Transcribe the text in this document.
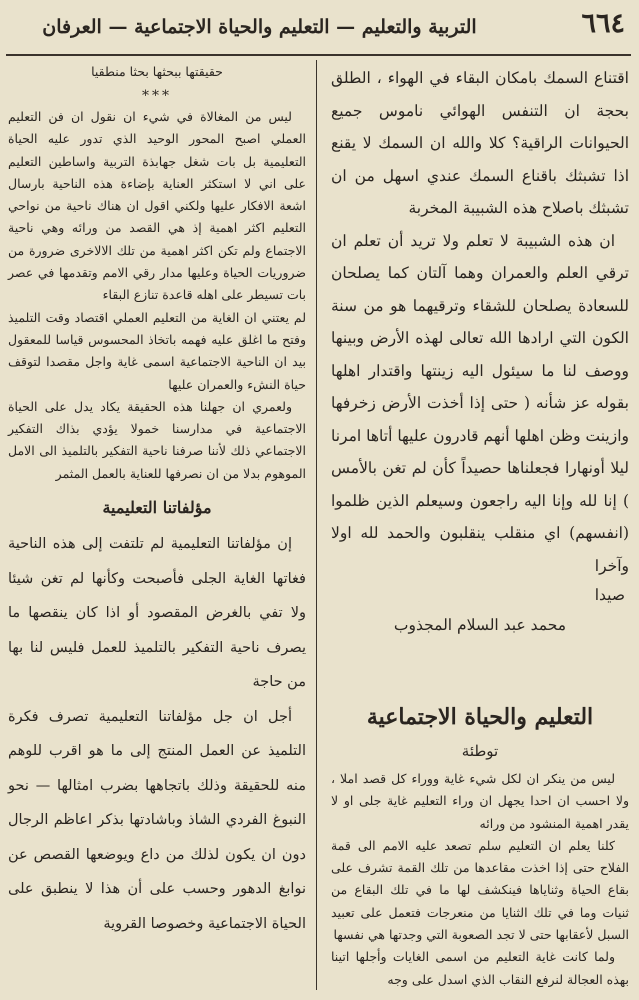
٦٦٤
التربية والتعليم — التعليم والحياة الاجتماعية — العرفان

اقتناع السمك بامكان البقاء في الهواء ، الطلق بحجة ان التنفس الهوائي ناموس جميع الحيوانات الراقية؟ كلا والله ان السمك لا يقنع اذا تشبثك باقناع السمك عندي اسهل من ان تشبثك باصلاح هذه الشبيبة المخربة

ان هذه الشبيبة لا تعلم ولا تريد أن تعلم ان ترقي العلم والعمران وهما آلتان كما يصلحان للسعادة يصلحان للشقاء وترقيهما هو من سنة الكون التي ارادها الله تعالى لهذه الأرض وبينها ووصف لنا ما سيئول اليه زينتها واقتدار اهلها بقوله عز شأنه ( حتى إذا أخذت الأرض زخرفها وازينت وظن اهلها أنهم قادرون عليها أتاها امرنا ليلا أونهارا فجعلناها حصيداً كأن لم تغن بالأمس ) إنا لله وإنا اليه راجعون وسيعلم الذين ظلموا (انفسهم) اي منقلب ينقلبون والحمد لله اولا وآخرا

صيدا
محمد عبد السلام المجذوب
التعليم والحياة الاجتماعية
توطئة

ليس من ينكر ان لكل شيء غاية ووراء كل قصد املا ، ولا احسب ان احدا يجهل ان وراء التعليم غاية جلى او لا يقدر اهمية المنشود من ورائه

كلنا يعلم ان التعليم سلم تصعد عليه الامم الى قمة الفلاح حتى إذا اخذت مقاعدها من تلك القمة تشرف على بقاع الحياة وثناياها فينكشف لها ما في تلك البقاع من ثنيات وما في تلك الثنايا من منعرجات فتعمل على تعبيد السبل لأعقابها حتى لا تجد الصعوبة التي وجدتها هي نفسها

ولما كانت غاية التعليم من اسمى الغايات وأجلها اتينا بهذه العجالة لنرفع النقاب الذي اسدل على وجه

حقيقتها ببحثها بحثا منطقيا
***

ليس من المغالاة في شيء ان نقول ان فن التعليم العملي اصبح المحور الوحيد الذي تدور عليه الحياة التعليمية بل بات شغل جهابذة التربية واساطين التعليم على اني لا استكثر العناية بإضاءة هذه الناحية بارسال اشعة الافكار عليها ولكني اقول ان هناك ناحية من نواحي التعليم اكثر اهمية إذ هي القصد من ورائه وهي ناحية الاجتماع ولم تكن اكثر اهمية من تلك الالاخرى ضرورة من ضروريات الحياة وعليها مدار رقي الامم وتقدمها في عصر بات تسيطر على اهله قاعدة تنازع البقاء

لم يعتني ان الغاية من التعليم العملي اقتصاد وقت التلميذ وفتح ما اغلق عليه فهمه باتخاذ المحسوس قياسا للمعقول بيد ان الناحية الاجتماعية اسمى غاية واجل مقصدا لتوقف حياة النشء والعمران عليها

ولعمري ان جهلنا هذه الحقيقة يكاد يدل على الحياة الاجتماعية في مدارسنا خمولا يؤدي بذاك التفكير الاجتماعي ذلك لأننا صرفنا ناحية التفكير بالتلميذ الى الامل الموهوم بدلا من ان نصرفها للعناية بالعمل المثمر

مؤلفاتنا التعليمية

إن مؤلفاتنا التعليمية لم تلتفت إلى هذه الناحية فغاتها الغاية الجلى فأصبحت وكأنها لم تغن شيئا ولا تفي بالغرض المقصود أو اذا كان ينقصها ما يصرف ناحية التفكير بالتلميذ للعمل فليس لنا بها من حاجة

أجل ان جل مؤلفاتنا التعليمية تصرف فكرة التلميذ عن العمل المنتج إلى ما هو اقرب للوهم منه للحقيقة وذلك باتجاهها بضرب امثالها — نحو النبوغ الفردي الشاذ وباشادتها بذكر اعاظم الرجال دون ان يكون لذلك من داع ويوضعها القصص عن نوابغ الدهور وحسب على أن هذا لا ينطبق على الحياة الاجتماعية وخصوصا القروية
